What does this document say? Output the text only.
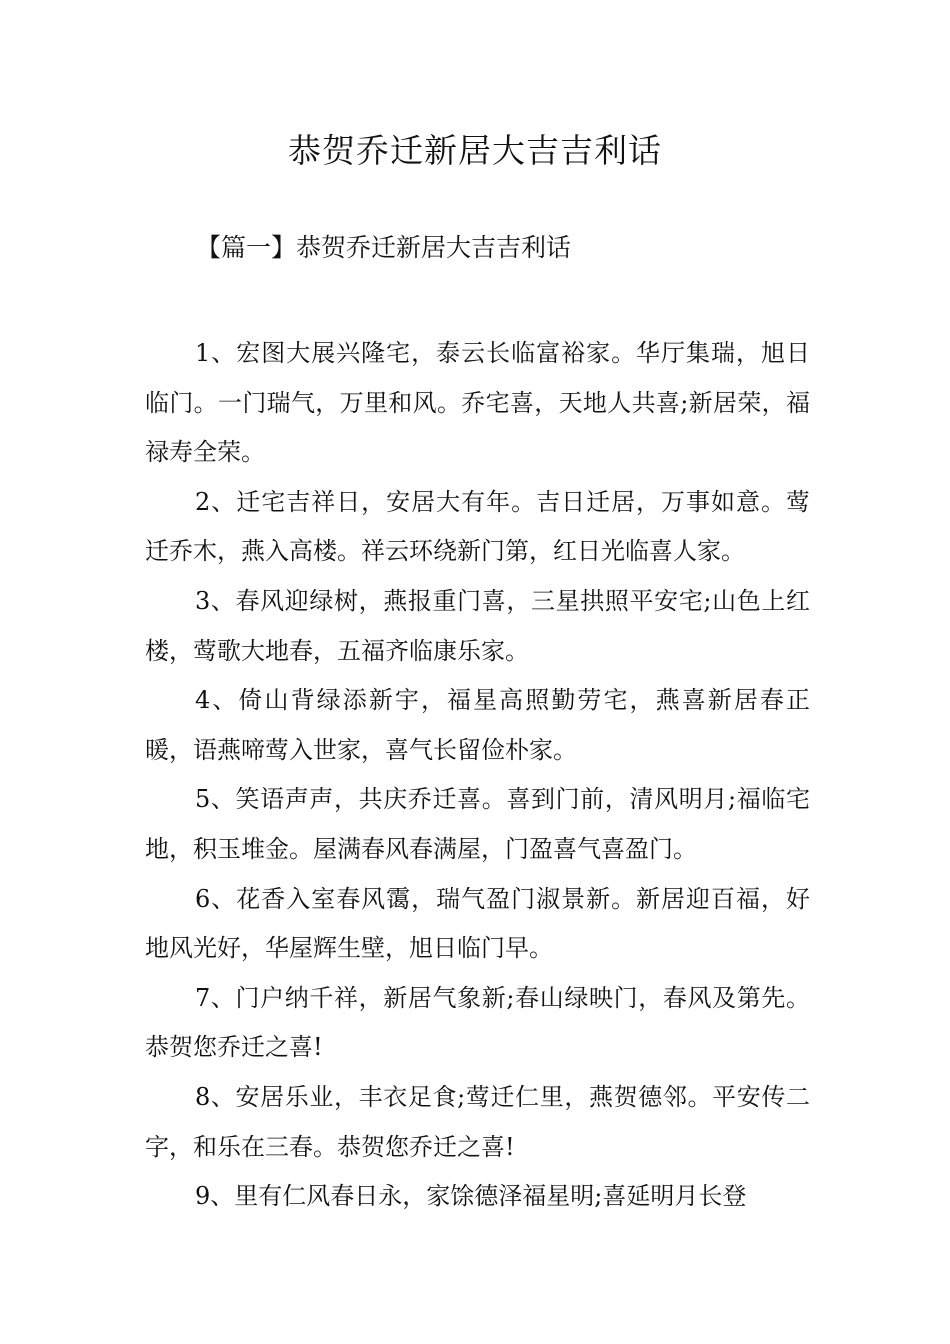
恭贺乔迁新居大吉吉利话
【篇一】恭贺乔迁新居大吉吉利话

1、宏图大展兴隆宅，泰云长临富裕家。华厅集瑞，旭日临门。一门瑞气，万里和风。乔宅喜，天地人共喜;新居荣，福禄寿全荣。

2、迁宅吉祥日，安居大有年。吉日迁居，万事如意。莺迁乔木，燕入高楼。祥云环绕新门第，红日光临喜人家。

3、春风迎绿树，燕报重门喜，三星拱照平安宅;山色上红楼，莺歌大地春，五福齐临康乐家。

4、倚山背绿添新宇，福星高照勤劳宅，燕喜新居春正暖，语燕啼莺入世家，喜气长留俭朴家。

5、笑语声声，共庆乔迁喜。喜到门前，清风明月;福临宅地，积玉堆金。屋满春风春满屋，门盈喜气喜盈门。

6、花香入室春风霭，瑞气盈门淑景新。新居迎百福，好地风光好，华屋辉生壁，旭日临门早。

7、门户纳千祥，新居气象新;春山绿映门，春风及第先。恭贺您乔迁之喜!

8、安居乐业，丰衣足食;莺迁仁里，燕贺德邻。平安传二字，和乐在三春。恭贺您乔迁之喜!

9、里有仁风春日永，家馀德泽福星明;喜延明月长登
